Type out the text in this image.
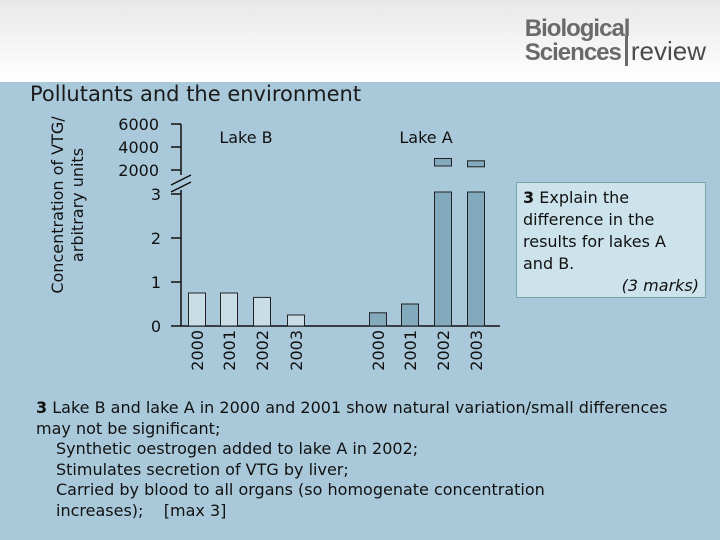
Biological
Sciences review
Pollutants and the environment
Concentration of VTG/ arbitrary units
0
1
2
3
2000
4000
6000
Lake B
2000 2001 2002 2003
Lake A
2000 2001 2002 2003
3 Explain the difference in the results for lakes A and B.
(3 marks)
3 Lake B and lake A in 2000 and 2001 show natural variation/small differences may not be significant;
Synthetic oestrogen added to lake A in 2002;
Stimulates secretion of VTG by liver;
Carried by blood to all organs (so homogenate concentration increases); [max 3]
